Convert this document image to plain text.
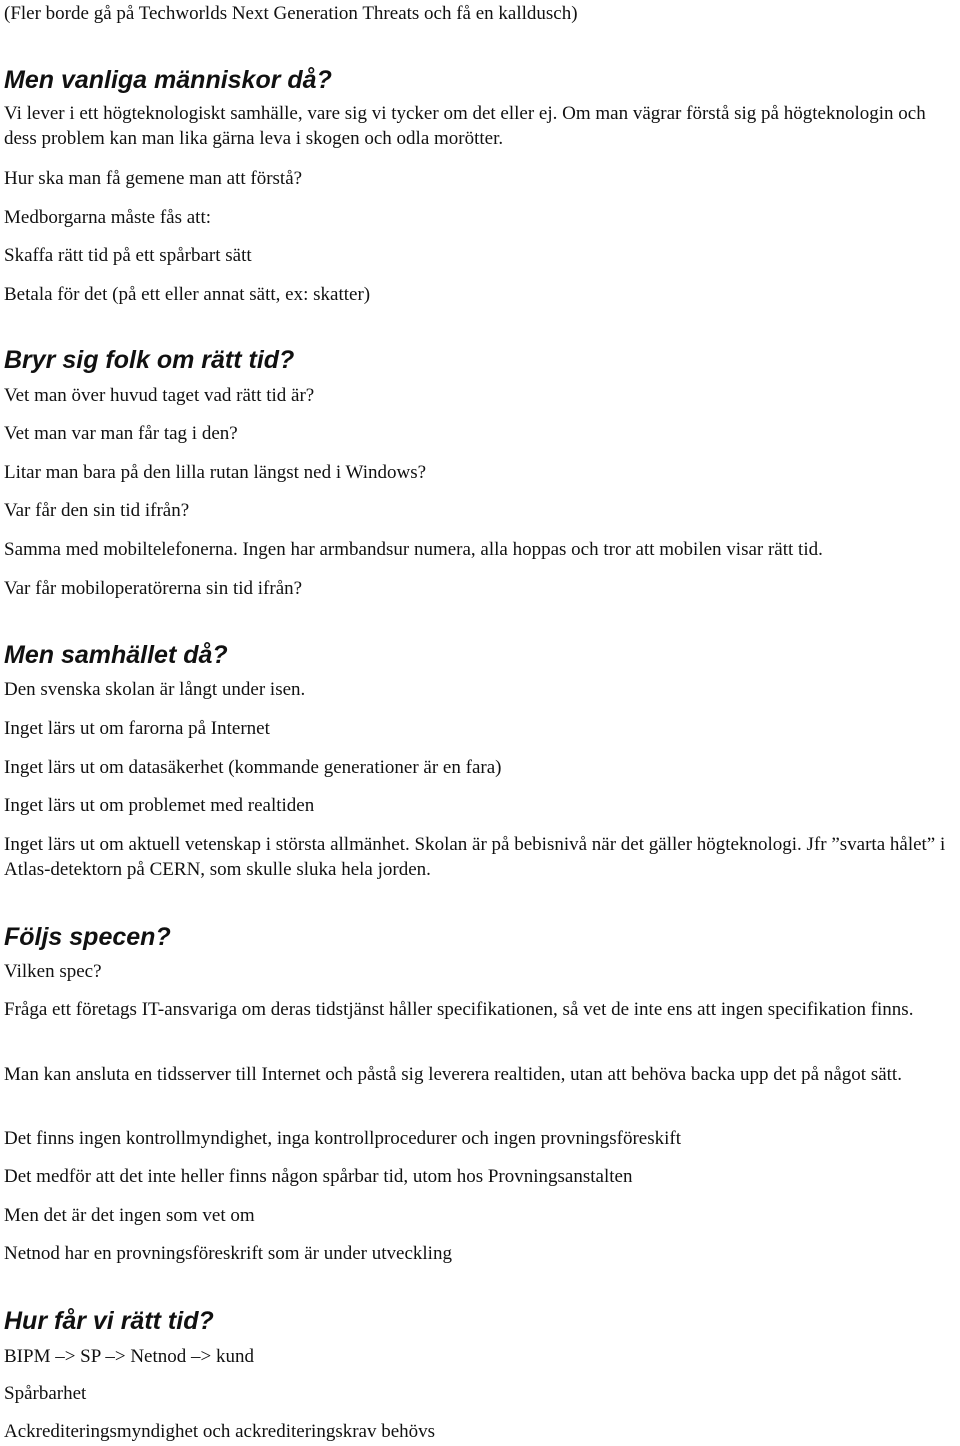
(Fler borde gå på Techworlds Next Generation Threats och få en kalldusch)

Men vanliga människor då?

Vi lever i ett högteknologiskt samhälle, vare sig vi tycker om det eller ej. Om man vägrar förstå sig på högteknologin och dess problem kan man lika gärna leva i skogen och odla morötter.

Hur ska man få gemene man att förstå?

Medborgarna måste fås att:

Skaffa rätt tid på ett spårbart sätt

Betala för det (på ett eller annat sätt, ex: skatter)

Bryr sig folk om rätt tid?

Vet man över huvud taget vad rätt tid är?

Vet man var man får tag i den?

Litar man bara på den lilla rutan längst ned i Windows?

Var får den sin tid ifrån?

Samma med mobiltelefonerna. Ingen har armbandsur numera, alla hoppas och tror att mobilen visar rätt tid.

Var får mobiloperatörerna sin tid ifrån?

Men samhället då?

Den svenska skolan är långt under isen.

Inget lärs ut om farorna på Internet

Inget lärs ut om datasäkerhet (kommande generationer är en fara)

Inget lärs ut om problemet med realtiden

Inget lärs ut om aktuell vetenskap i största allmänhet. Skolan är på bebisnivå när det gäller högteknologi. Jfr ”svarta hålet” i Atlas-detektorn på CERN, som skulle sluka hela jorden.

Följs specen?

Vilken spec?

Fråga ett företags IT-ansvariga om deras tidstjänst håller specifikationen, så vet de inte ens att ingen specifikation finns.

Man kan ansluta en tidsserver till Internet och påstå sig leverera realtiden, utan att behöva backa upp det på något sätt.

Det finns ingen kontrollmyndighet, inga kontrollprocedurer och ingen provningsföreskift

Det medför att det inte heller finns någon spårbar tid, utom hos Provningsanstalten

Men det är det ingen som vet om

Netnod har en provningsföreskrift som är under utveckling

Hur får vi rätt tid?

BIPM –> SP –> Netnod –> kund

Spårbarhet

Ackrediteringsmyndighet och ackrediteringskrav behövs
